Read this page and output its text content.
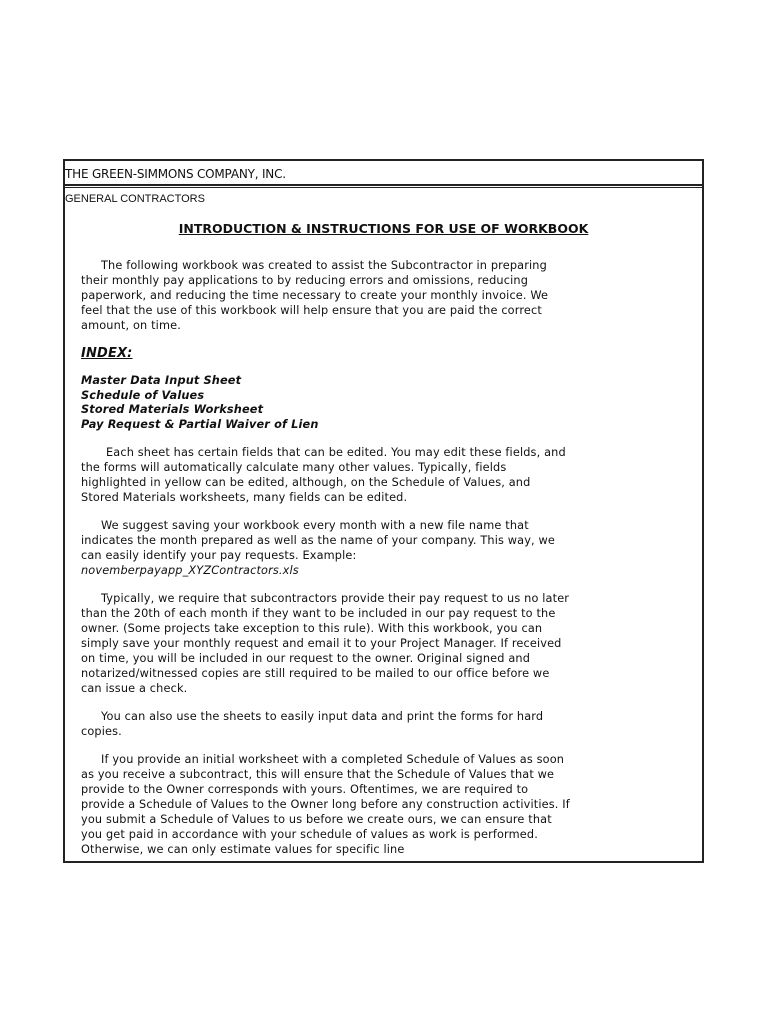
THE GREEN-SIMMONS COMPANY, INC.
GENERAL CONTRACTORS
INTRODUCTION & INSTRUCTIONS FOR USE OF WORKBOOK

The following workbook was created to assist the Subcontractor in preparing their monthly pay applications to by reducing errors and omissions, reducing paperwork, and reducing the time necessary to create your monthly invoice. We feel that the use of this workbook will help ensure that you are paid the correct amount, on time.

INDEX:
Master Data Input Sheet
Schedule of Values
Stored Materials Worksheet
Pay Request & Partial Waiver of Lien

Each sheet has certain fields that can be edited. You may edit these fields, and the forms will automatically calculate many other values. Typically, fields highlighted in yellow can be edited, although, on the Schedule of Values, and Stored Materials worksheets, many fields can be edited.

We suggest saving your workbook every month with a new file name that indicates the month prepared as well as the name of your company. This way, we can easily identify your pay requests. Example:
novemberpayapp_XYZContractors.xls

Typically, we require that subcontractors provide their pay request to us no later than the 20th of each month if they want to be included in our pay request to the owner. (Some projects take exception to this rule). With this workbook, you can simply save your monthly request and email it to your Project Manager. If received on time, you will be included in our request to the owner. Original signed and notarized/witnessed copies are still required to be mailed to our office before we can issue a check.

You can also use the sheets to easily input data and print the forms for hard copies.

If you provide an initial worksheet with a completed Schedule of Values as soon as you receive a subcontract, this will ensure that the Schedule of Values that we provide to the Owner corresponds with yours. Oftentimes, we are required to provide a Schedule of Values to the Owner long before any construction activities. If you submit a Schedule of Values to us before we create ours, we can ensure that you get paid in accordance with your schedule of values as work is performed. Otherwise, we can only estimate values for specific line
